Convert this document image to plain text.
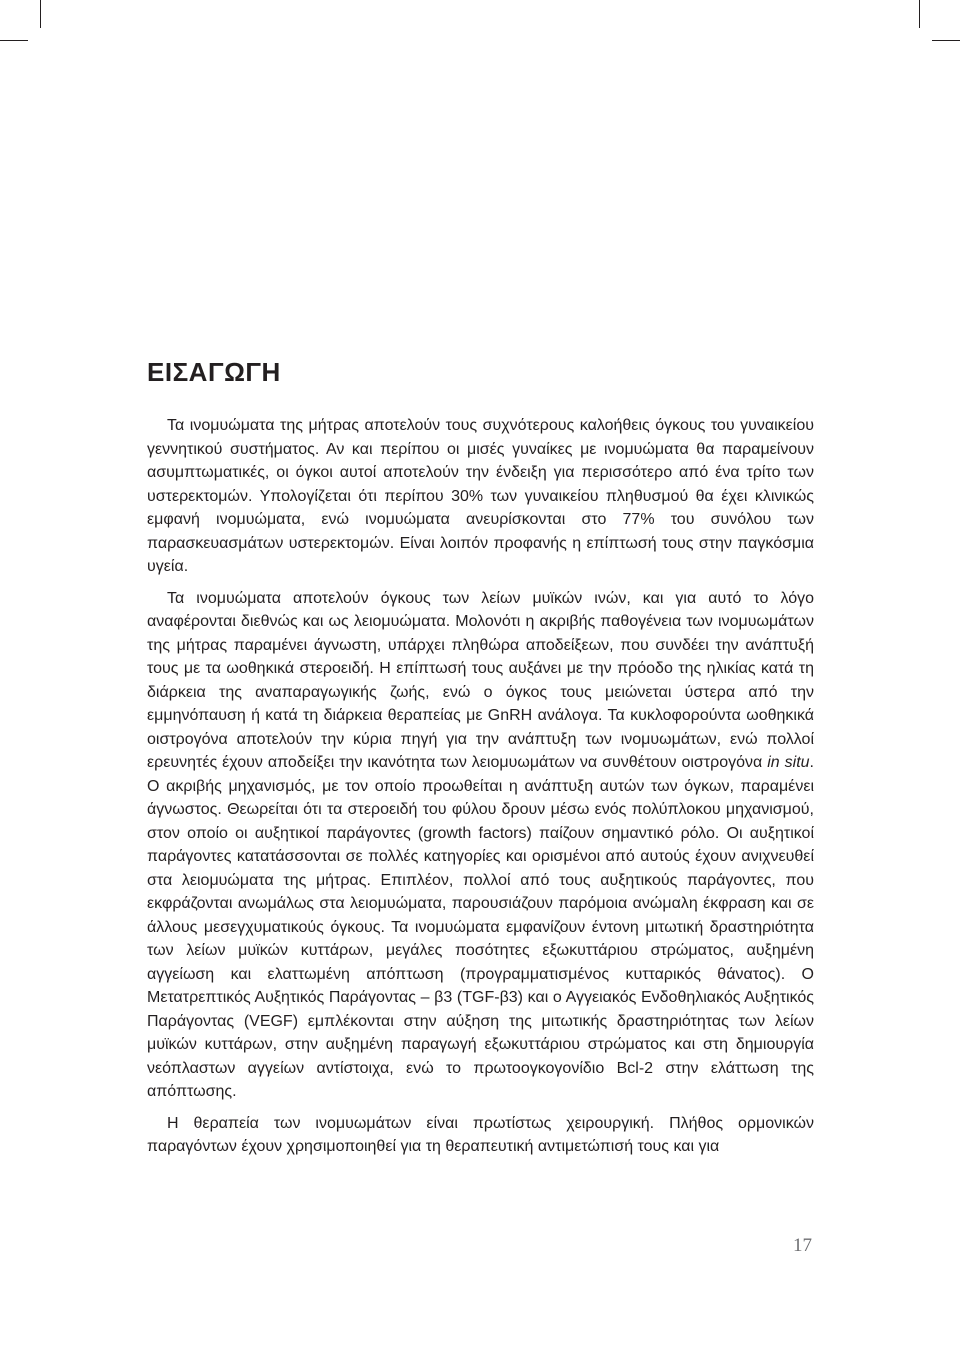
ΕΙΣΑΓΩΓΗ

Τα ινομυώματα της μήτρας αποτελούν τους συχνότερους καλοήθεις όγκους του γυναικείου γεννητικού συστήματος. Αν και περίπου οι μισές γυναίκες με ινομυώματα θα παραμείνουν ασυμπτωματικές, οι όγκοι αυτοί αποτελούν την ένδειξη για περισσότερο από ένα τρίτο των υστερεκτομών. Υπολογίζεται ότι περίπου 30% των γυναικείου πληθυσμού θα έχει κλινικώς εμφανή ινομυώματα, ενώ ινομυώματα ανευρίσκονται στο 77% του συνόλου των παρασκευασμάτων υστερεκτομών. Είναι λοιπόν προφανής η επίπτωσή τους στην παγκόσμια υγεία.

Τα ινομυώματα αποτελούν όγκους των λείων μυϊκών ινών, και για αυτό το λόγο αναφέρονται διεθνώς και ως λειομυώματα. Μολονότι η ακριβής παθογένεια των ινομυωμάτων της μήτρας παραμένει άγνωστη, υπάρχει πληθώρα αποδείξεων, που συνδέει την ανάπτυξή τους με τα ωοθηκικά στεροειδή. Η επίπτωσή τους αυξάνει με την πρόοδο της ηλικίας κατά τη διάρκεια της αναπαραγωγικής ζωής, ενώ ο όγκος τους μειώνεται ύστερα από την εμμηνόπαυση ή κατά τη διάρκεια θεραπείας με GnRH ανάλογα. Τα κυκλοφορούντα ωοθηκικά οιστρογόνα αποτελούν την κύρια πηγή για την ανάπτυξη των ινομυωμάτων, ενώ πολλοί ερευνητές έχουν αποδείξει την ικανότητα των λειομυωμάτων να συνθέτουν οιστρογόνα in situ. Ο ακριβής μηχανισμός, με τον οποίο προωθείται η ανάπτυξη αυτών των όγκων, παραμένει άγνωστος. Θεωρείται ότι τα στεροειδή του φύλου δρουν μέσω ενός πολύπλοκου μηχανισμού, στον οποίο οι αυξητικοί παράγοντες (growth factors) παίζουν σημαντικό ρόλο. Οι αυξητικοί παράγοντες κατατάσσονται σε πολλές κατηγορίες και ορισμένοι από αυτούς έχουν ανιχνευθεί στα λειομυώματα της μήτρας. Επιπλέον, πολλοί από τους αυξητικούς παράγοντες, που εκφράζονται ανωμάλως στα λειομυώματα, παρουσιάζουν παρόμοια ανώμαλη έκφραση και σε άλλους μεσεγχυματικούς όγκους. Τα ινομυώματα εμφανίζουν έντονη μιτωτική δραστηριότητα των λείων μυϊκών κυττάρων, μεγάλες ποσότητες εξωκυττάριου στρώματος, αυξημένη αγγείωση και ελαττωμένη απόπτωση (προγραμματισμένος κυτταρικός θάνατος). Ο Μετατρεπτικός Αυξητικός Παράγοντας – β3 (TGF-β3) και ο Αγγειακός Ενδοθηλιακός Αυξητικός Παράγοντας (VEGF) εμπλέκονται στην αύξηση της μιτωτικής δραστηριότητας των λείων μυϊκών κυττάρων, στην αυξημένη παραγωγή εξωκυττάριου στρώματος και στη δημιουργία νεόπλαστων αγγείων αντίστοιχα, ενώ το πρωτοογκογονίδιο Bcl-2 στην ελάττωση της απόπτωσης.

Η θεραπεία των ινομυωμάτων είναι πρωτίστως χειρουργική. Πλήθος ορμονικών παραγόντων έχουν χρησιμοποιηθεί για τη θεραπευτική αντιμετώπισή τους και για

17
